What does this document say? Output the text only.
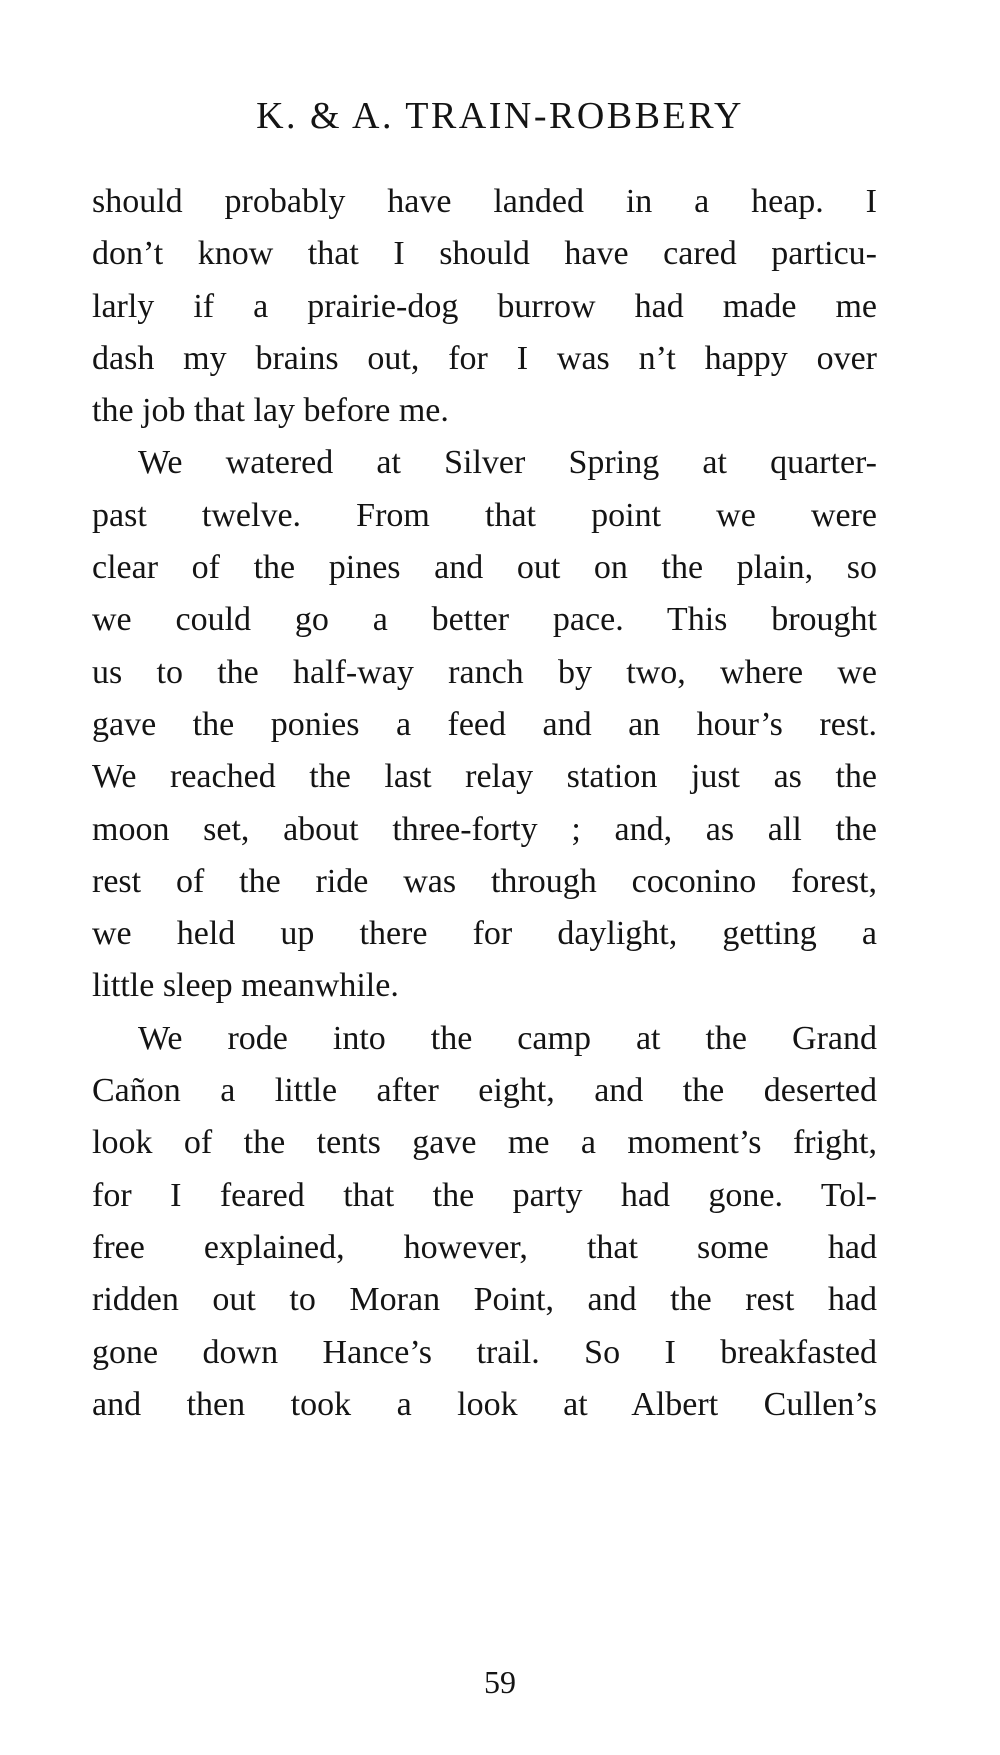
K. & A. TRAIN-ROBBERY
should probably have landed in a heap. I
don’t know that I should have cared particu-
larly if a prairie-dog burrow had made me
dash my brains out, for I was n’t happy over
the job that lay before me.
We watered at Silver Spring at quarter-
past twelve. From that point we were
clear of the pines and out on the plain, so
we could go a better pace. This brought
us to the half-way ranch by two, where we
gave the ponies a feed and an hour’s rest.
We reached the last relay station just as the
moon set, about three-forty ; and, as all the
rest of the ride was through coconino forest,
we held up there for daylight, getting a
little sleep meanwhile.
We rode into the camp at the Grand
Cañon a little after eight, and the deserted
look of the tents gave me a moment’s fright,
for I feared that the party had gone. Tol-
free explained, however, that some had
ridden out to Moran Point, and the rest had
gone down Hance’s trail. So I breakfasted
and then took a look at Albert Cullen’s
59
